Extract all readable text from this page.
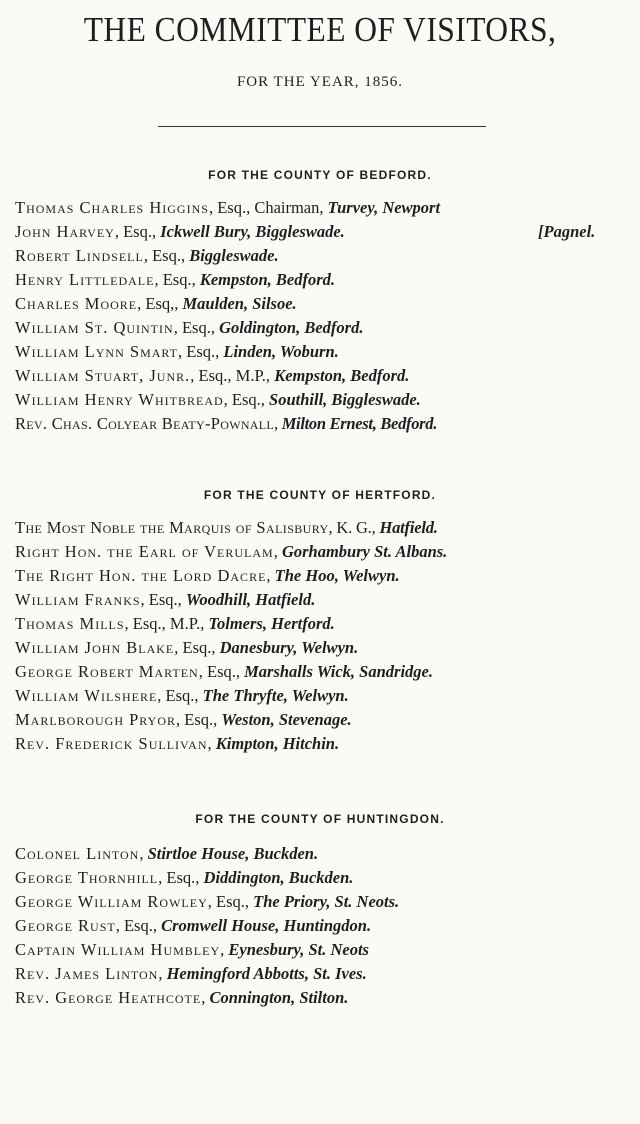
THE COMMITTEE OF VISITORS,
FOR THE YEAR, 1856.
FOR THE COUNTY OF BEDFORD.
Thomas Charles Higgins, Esq., Chairman, Turvey, Newport
John Harvey, Esq., Ickwell Bury, Biggleswade.	[Pagnel.
Robert Lindsell, Esq., Biggleswade.
Henry Littledale, Esq., Kempston, Bedford.
Charles Moore, Esq,, Maulden, Silsoe.
William St. Quintin, Esq., Goldington, Bedford.
William Lynn Smart, Esq., Linden, Woburn.
William Stuart, Junr., Esq., M.P., Kempston, Bedford.
William Henry Whitbread, Esq., Southill, Biggleswade.
Rev. Chas. Colyear Beaty-Pownall, Milton Ernest, Bedford.
FOR THE COUNTY OF HERTFORD.
The Most Noble the Marquis of Salisbury, K. G., Hatfield.
Right Hon. the Earl of Verulam, Gorhambury St. Albans.
The Right Hon. the Lord Dacre, The Hoo, Welwyn.
William Franks, Esq., Woodhill, Hatfield.
Thomas Mills, Esq., M.P., Tolmers, Hertford.
William John Blake, Esq., Danesbury, Welwyn.
George Robert Marten, Esq., Marshalls Wick, Sandridge.
William Wilshere, Esq., The Thryfte, Welwyn.
Marlborough Pryor, Esq., Weston, Stevenage.
Rev. Frederick Sullivan, Kimpton, Hitchin.
FOR THE COUNTY OF HUNTINGDON.
Colonel Linton, Stirtloe House, Buckden.
George Thornhill, Esq., Diddington, Buckden.
George William Rowley, Esq., The Priory, St. Neots.
George Rust, Esq., Cromwell House, Huntingdon.
Captain William Humbley, Eynesbury, St. Neots
Rev. James Linton, Hemingford Abbotts, St. Ives.
Rev. George Heathcote, Connington, Stilton.
